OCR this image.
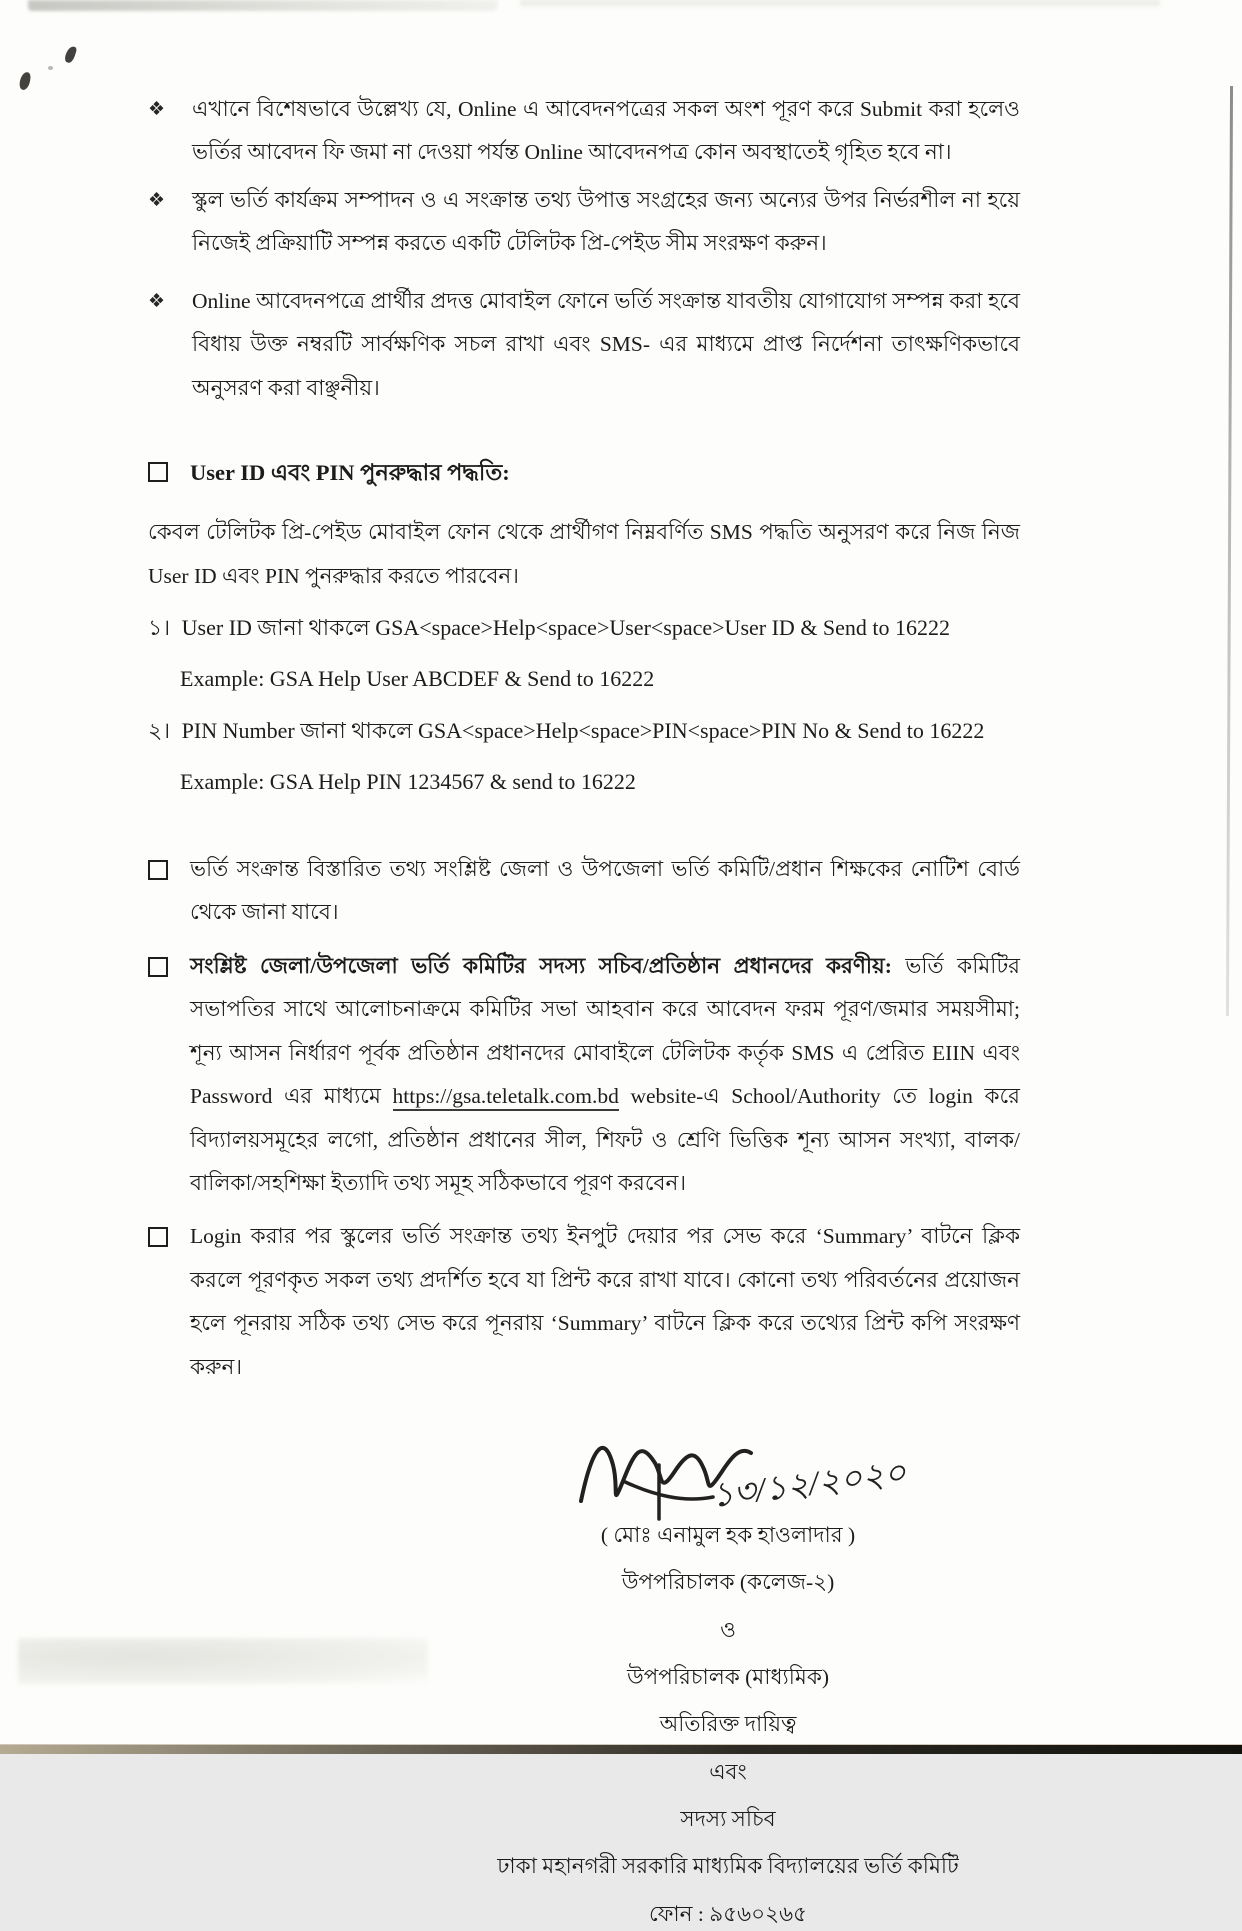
❖	এখানে বিশেষভাবে উল্লেখ্য যে, Online এ আবেদনপত্রের সকল অংশ পূরণ করে Submit করা হলেও ভর্তির আবেদন ফি জমা না দেওয়া পর্যন্ত Online আবেদনপত্র কোন অবস্থাতেই গৃহিত হবে না।
❖	স্কুল ভর্তি কার্যক্রম সম্পাদন ও এ সংক্রান্ত তথ্য উপাত্ত সংগ্রহের জন্য অন্যের উপর নির্ভরশীল না হয়ে নিজেই প্রক্রিয়াটি সম্পন্ন করতে একটি টেলিটক প্রি-পেইড সীম সংরক্ষণ করুন।
❖	Online আবেদনপত্রে প্রার্থীর প্রদত্ত মোবাইল ফোনে ভর্তি সংক্রান্ত যাবতীয় যোগাযোগ সম্পন্ন করা হবে বিধায় উক্ত নম্বরটি সার্বক্ষণিক সচল রাখা এবং SMS- এর মাধ্যমে প্রাপ্ত নির্দেশনা তাৎক্ষণিকভাবে অনুসরণ করা বাঞ্ছনীয়।
User ID এবং PIN পুনরুদ্ধার পদ্ধতি:
কেবল টেলিটক প্রি-পেইড মোবাইল ফোন থেকে প্রার্থীগণ নিম্নবর্ণিত SMS পদ্ধতি অনুসরণ করে নিজ নিজ User ID এবং PIN পুনরুদ্ধার করতে পারবেন।
১। User ID জানা থাকলে GSA<space>Help<space>User<space>User ID & Send to 16222
Example: GSA Help User ABCDEF & Send to 16222
২। PIN Number জানা থাকলে GSA<space>Help<space>PIN<space>PIN No & Send to 16222
Example: GSA Help PIN 1234567 & send to 16222
ভর্তি সংক্রান্ত বিস্তারিত তথ্য সংশ্লিষ্ট জেলা ও উপজেলা ভর্তি কমিটি/প্রধান শিক্ষকের নোটিশ বোর্ড থেকে জানা যাবে।
সংশ্লিষ্ট জেলা/উপজেলা ভর্তি কমিটির সদস্য সচিব/প্রতিষ্ঠান প্রধানদের করণীয়: ভর্তি কমিটির সভাপতির সাথে আলোচনাক্রমে কমিটির সভা আহবান করে আবেদন ফরম পূরণ/জমার সময়সীমা; শূন্য আসন নির্ধারণ পূর্বক প্রতিষ্ঠান প্রধানদের মোবাইলে টেলিটক কর্তৃক SMS এ প্রেরিত EIIN এবং Password এর মাধ্যমে https://gsa.teletalk.com.bd website-এ School/Authority তে login করে বিদ্যালয়সমূহের লগো, প্রতিষ্ঠান প্রধানের সীল, শিফট ও শ্রেণি ভিত্তিক শূন্য আসন সংখ্যা, বালক/বালিকা/সহশিক্ষা ইত্যাদি তথ্য সমূহ সঠিকভাবে পূরণ করবেন।
Login করার পর স্কুলের ভর্তি সংক্রান্ত তথ্য ইনপুট দেয়ার পর সেভ করে ‘Summary’ বাটনে ক্লিক করলে পূরণকৃত সকল তথ্য প্রদর্শিত হবে যা প্রিন্ট করে রাখা যাবে। কোনো তথ্য পরিবর্তনের প্রয়োজন হলে পূনরায় সঠিক তথ্য সেভ করে পূনরায় ‘Summary’ বাটনে ক্লিক করে তথ্যের প্রিন্ট কপি সংরক্ষণ করুন।
১৩/১২/২০২০
( মোঃ এনামুল হক হাওলাদার )
উপপরিচালক (কলেজ-২)
ও
উপপরিচালক (মাধ্যমিক)
অতিরিক্ত দায়িত্ব
এবং
সদস্য সচিব
ঢাকা মহানগরী সরকারি মাধ্যমিক বিদ্যালয়ের ভর্তি কমিটি
ফোন : ৯৫৬০২৬৫
